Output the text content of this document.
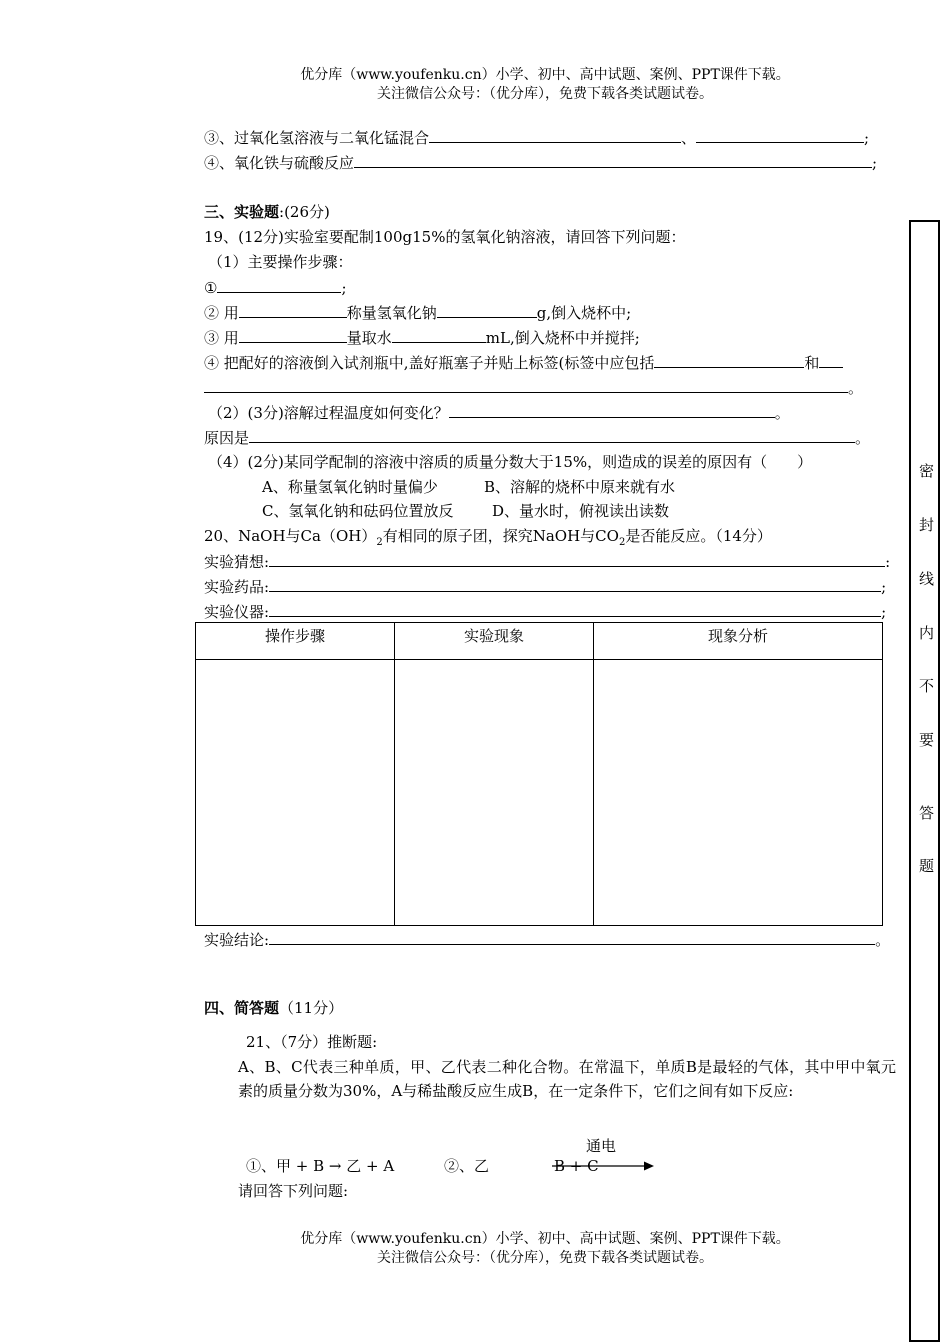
优分库（www.youfenku.cn）小学、初中、高中试题、案例、PPT课件下载。
关注微信公众号：（优分库），免费下载各类试题试卷。
③、过氧化氢溶液与二氧化锰混合	、	;
④、氧化铁与硫酸反应	;
三、实验题:(26分)
19、(12分)实验室要配制100g15%的氢氧化钠溶液，请回答下列问题：
（1）主要操作步骤：
①	;
② 用	称量氢氧化钠	g,倒入烧杯中;
③ 用	量取水	mL,倒入烧杯中并搅拌;
④ 把配好的溶液倒入试剂瓶中,盖好瓶塞子并贴上标签(标签中应包括	和
。
（2）(3分)溶解过程温度如何变化？	。
原因是	。
（4）(2分)某同学配制的溶液中溶质的质量分数大于15%，则造成的误差的原因有（　　）
A、称量氢氧化钠时量偏少	B、溶解的烧杯中原来就有水
C、氢氧化钠和砝码位置放反	D、量水时，俯视读出读数
20、NaOH与$Ca(OH)_2$有相同的原子团，探究NaOH与$CO_2$是否能反应。（14分）
实验猜想:	:
实验药品:	;
实验仪器:	;
操作步骤	实验现象	现象分析

实验结论:	。
四、简答题（11分）
21、（7分）推断题:
A、B、C代表三种单质，甲、乙代表二种化合物。在常温下，单质B是最轻的气体，其中甲中氧元素的质量分数为30%，A与稀盐酸反应生成B，在一定条件下，它们之间有如下反应:
①、甲 + B → 乙 + A	②、乙
通电
B + C
请回答下列问题:
优分库（www.youfenku.cn）小学、初中、高中试题、案例、PPT课件下载。
关注微信公众号：（优分库），免费下载各类试题试卷。
密
封
线
内
不
要
答
题
